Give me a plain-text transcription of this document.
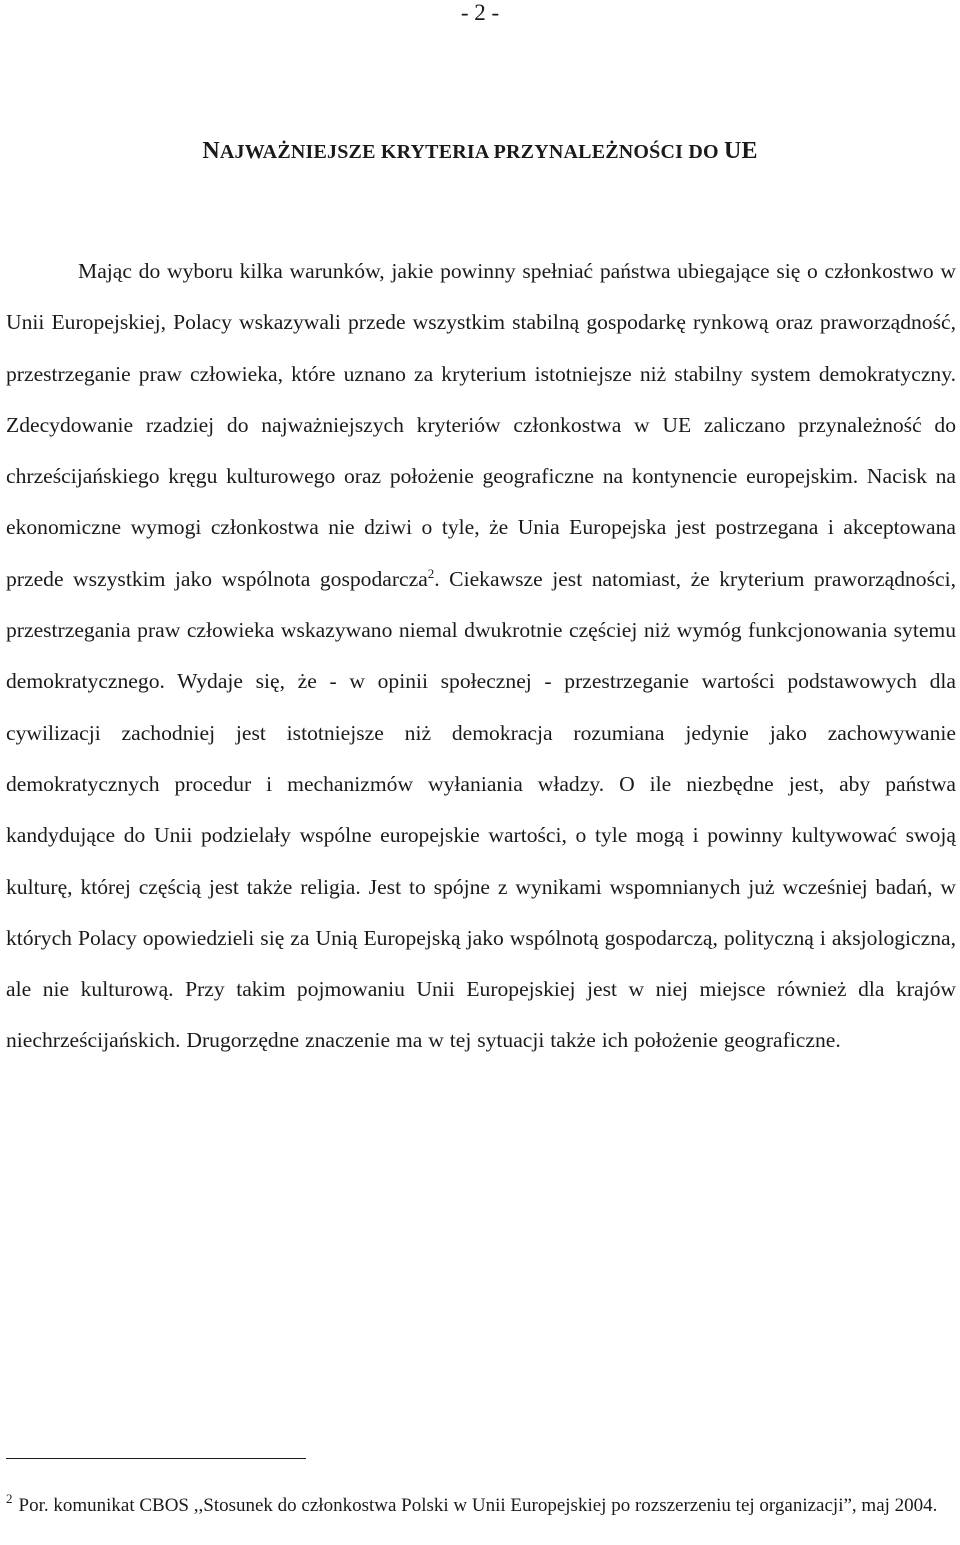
- 2 -
NAJWAŻNIEJSZE KRYTERIA PRZYNALEŻNOŚCI DO UE

Mając do wyboru kilka warunków, jakie powinny spełniać państwa ubiegające się o członkostwo w Unii Europejskiej, Polacy wskazywali przede wszystkim stabilną gospodarkę rynkową oraz praworządność, przestrzeganie praw człowieka, które uznano za kryterium istotniejsze niż stabilny system demokratyczny. Zdecydowanie rzadziej do najważniejszych kryteriów członkostwa w UE zaliczano przynależność do chrześcijańskiego kręgu kulturowego oraz położenie geograficzne na kontynencie europejskim. Nacisk na ekonomiczne wymogi członkostwa nie dziwi o tyle, że Unia Europejska jest postrzegana i akceptowana przede wszystkim jako wspólnota gospodarcza$^2$. Ciekawsze jest natomiast, że kryterium praworządności, przestrzegania praw człowieka wskazywano niemal dwukrotnie częściej niż wymóg funkcjonowania sytemu demokratycznego. Wydaje się, że - w opinii społecznej - przestrzeganie wartości podstawowych dla cywilizacji zachodniej jest istotniejsze niż demokracja rozumiana jedynie jako zachowywanie demokratycznych procedur i mechanizmów wyłaniania władzy. O ile niezbędne jest, aby państwa kandydujące do Unii podzielały wspólne europejskie wartości, o tyle mogą i powinny kultywować swoją kulturę, której częścią jest także religia. Jest to spójne z wynikami wspomnianych już wcześniej badań, w których Polacy opowiedzieli się za Unią Europejską jako wspólnotą gospodarczą, polityczną i aksjologiczna, ale nie kulturową. Przy takim pojmowaniu Unii Europejskiej jest w niej miejsce również dla krajów niechrześcijańskich. Drugorzędne znaczenie ma w tej sytuacji także ich położenie geograficzne.

$^2$ Por. komunikat CBOS ,,Stosunek do członkostwa Polski w Unii Europejskiej po rozszerzeniu tej organizacji”, maj 2004.
